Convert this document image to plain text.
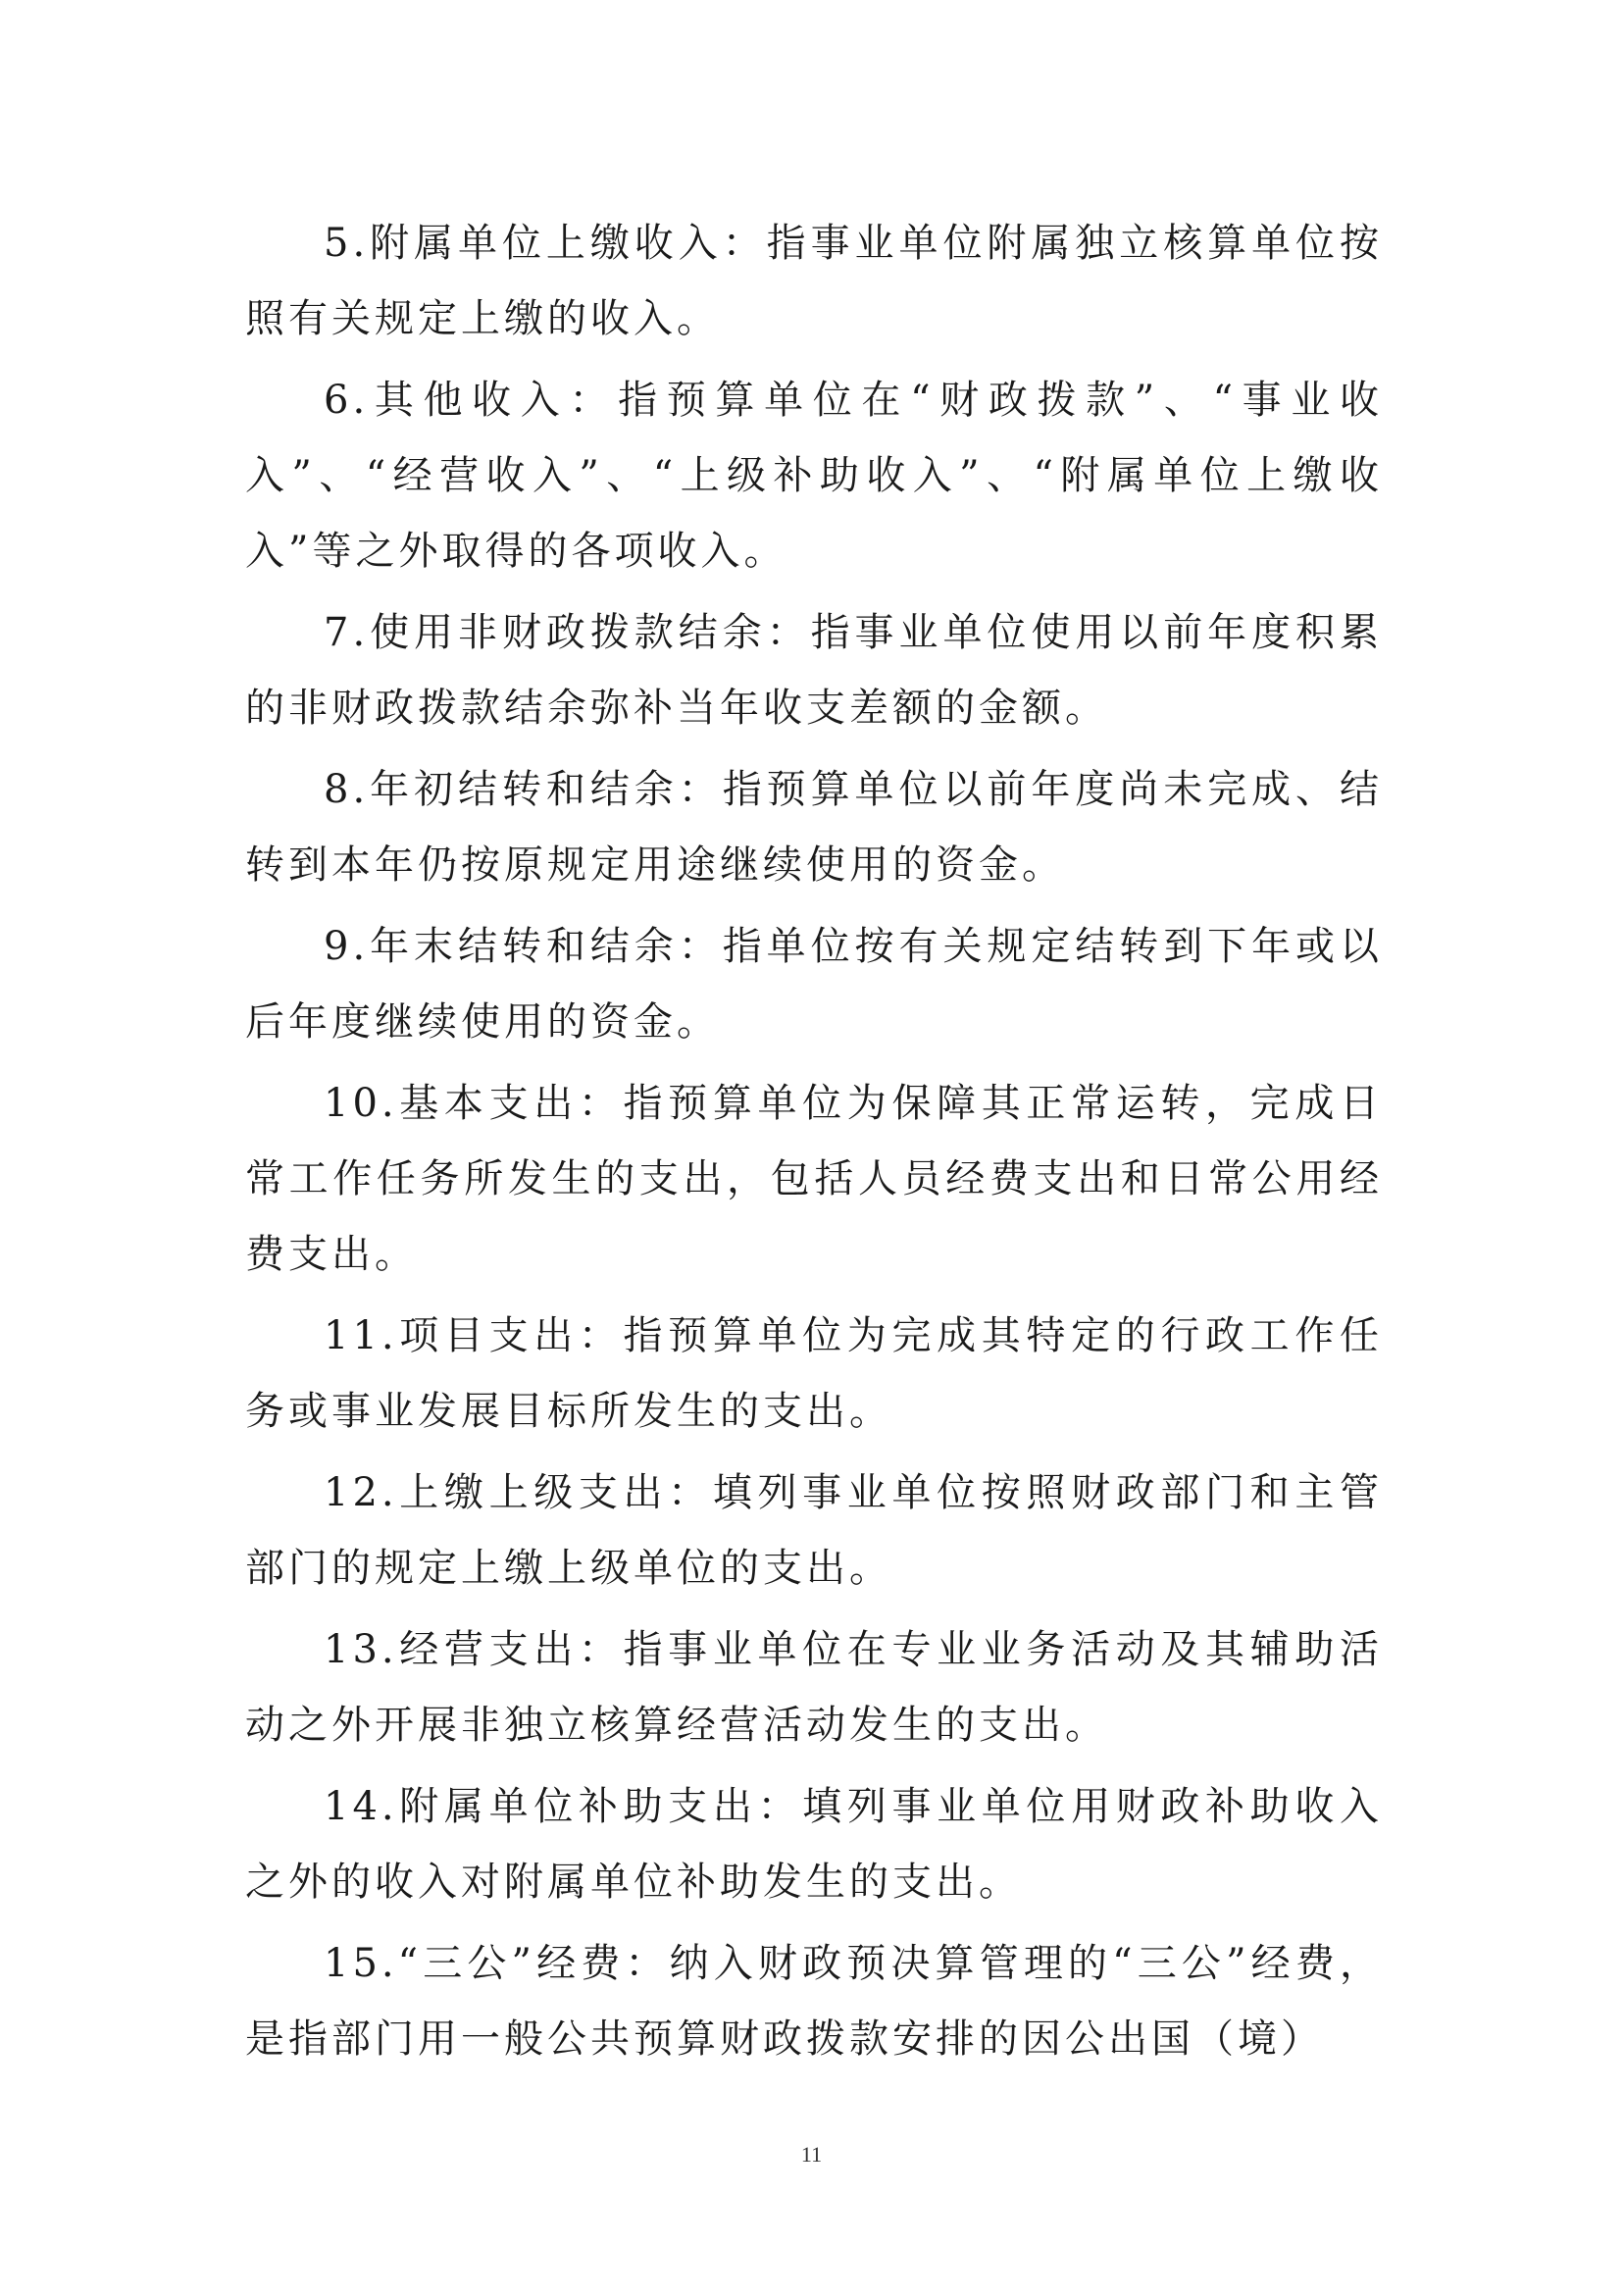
5.附属单位上缴收入：指事业单位附属独立核算单位按照有关规定上缴的收入。

6.其他收入：指预算单位在“财政拨款”、“事业收入”、“经营收入”、“上级补助收入”、“附属单位上缴收入”等之外取得的各项收入。

7.使用非财政拨款结余：指事业单位使用以前年度积累的非财政拨款结余弥补当年收支差额的金额。

8.年初结转和结余：指预算单位以前年度尚未完成、结转到本年仍按原规定用途继续使用的资金。

9.年末结转和结余：指单位按有关规定结转到下年或以后年度继续使用的资金。

10.基本支出：指预算单位为保障其正常运转，完成日常工作任务所发生的支出，包括人员经费支出和日常公用经费支出。

11.项目支出：指预算单位为完成其特定的行政工作任务或事业发展目标所发生的支出。

12.上缴上级支出：填列事业单位按照财政部门和主管部门的规定上缴上级单位的支出。

13.经营支出：指事业单位在专业业务活动及其辅助活动之外开展非独立核算经营活动发生的支出。

14.附属单位补助支出：填列事业单位用财政补助收入之外的收入对附属单位补助发生的支出。

15.“三公”经费：纳入财政预决算管理的“三公”经费，是指部门用一般公共预算财政拨款安排的因公出国（境）

11
